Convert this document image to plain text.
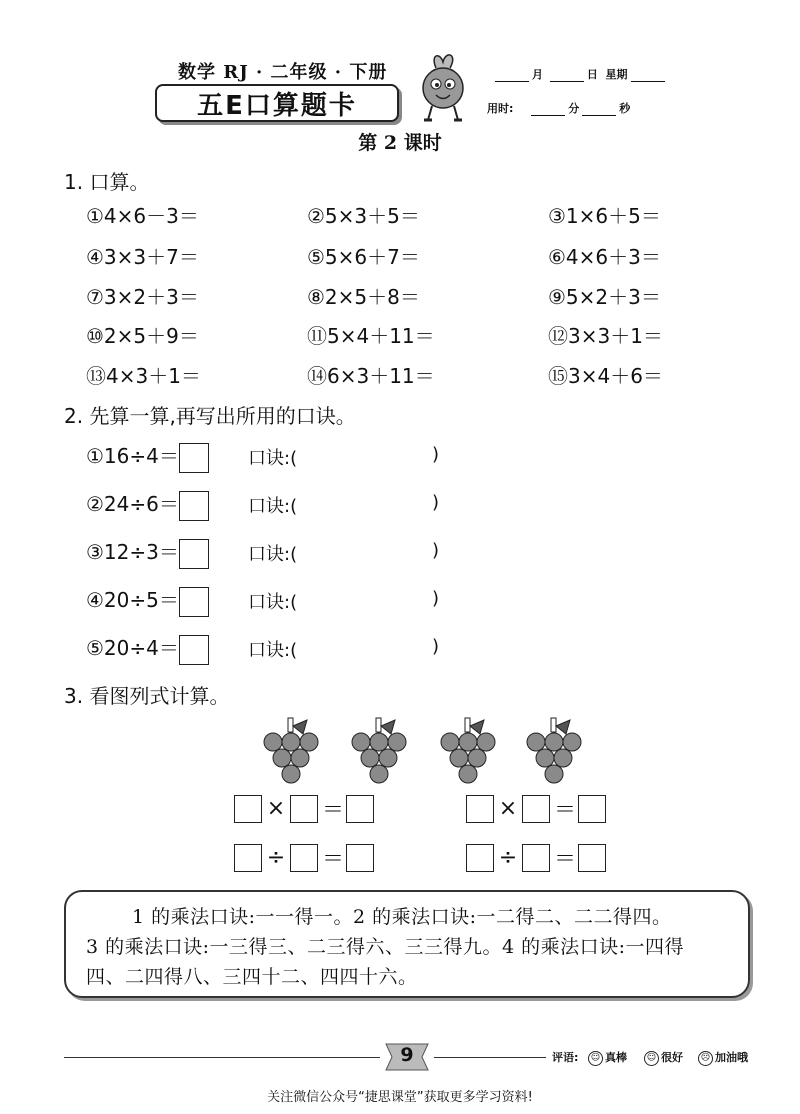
数学 RJ · 二年级 · 下册
五E口算题卡
月	日 星期
用时:	分	秒
第 2 课时
1. 口算。
①4×6－3＝	②5×3＋5＝	③1×6＋5＝
④3×3＋7＝	⑤5×6＋7＝	⑥4×6＋3＝
⑦3×2＋3＝	⑧2×5＋8＝	⑨5×2＋3＝
⑩2×5＋9＝	⑪5×4＋11＝	⑫3×3＋1＝
⑬4×3＋1＝	⑭6×3＋11＝	⑮3×4＋6＝
2. 先算一算,再写出所用的口诀。
①16÷4＝	口诀:(	)
②24÷6＝	口诀:(	)
③12÷3＝	口诀:(	)
④20÷5＝	口诀:(	)
⑤20÷4＝	口诀:(	)
3. 看图列式计算。
× ＝	× ＝
÷ ＝	÷ ＝
1 的乘法口诀:一一得一。2 的乘法口诀:一二得二、二二得四。
3 的乘法口诀:一三得三、二三得六、三三得九。4 的乘法口诀:一四得
四、二四得八、三四十二、四四十六。
9	评语:	☺ 真棒	☺ 很好	☹ 加油哦
关注微信公众号“捷思课堂”获取更多学习资料!
